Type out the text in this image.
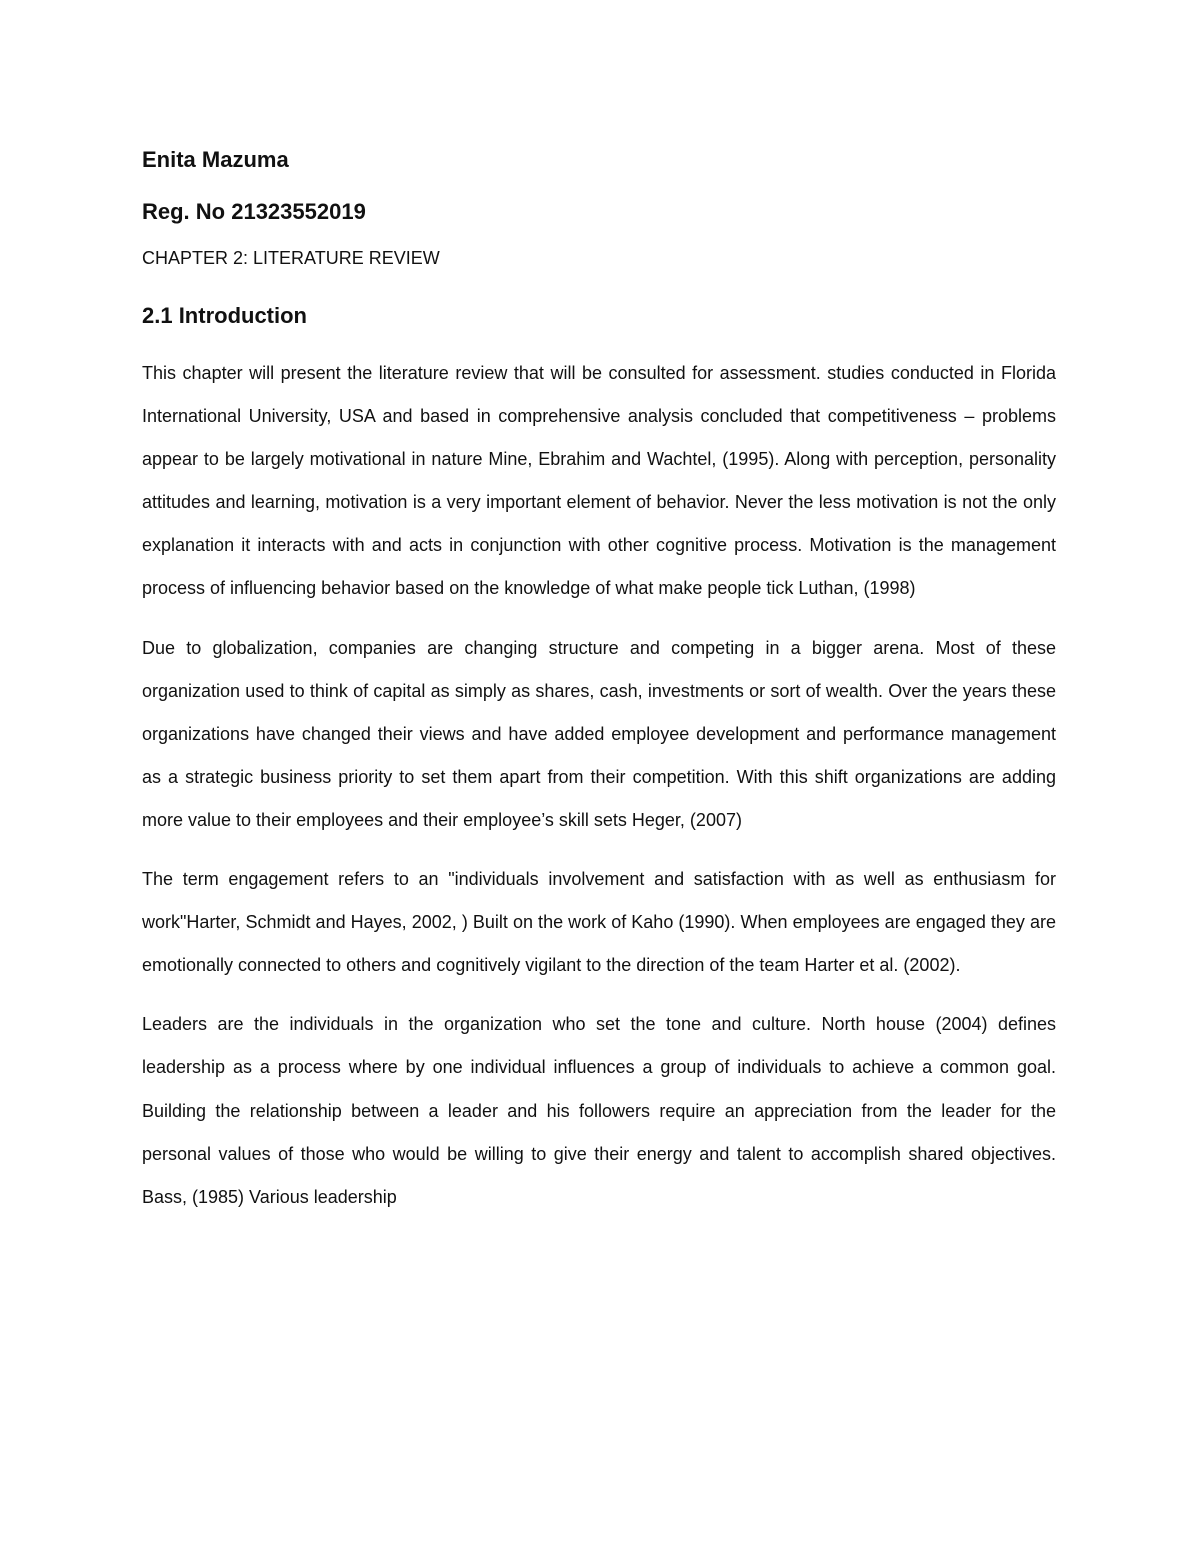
Enita Mazuma

Reg. No 21323552019

CHAPTER 2: LITERATURE REVIEW

2.1 Introduction

This chapter will present the literature review that will be consulted for assessment. studies conducted in Florida International University, USA and based in comprehensive analysis concluded that competitiveness – problems appear to be largely motivational in nature Mine, Ebrahim and Wachtel, (1995). Along with perception, personality attitudes and learning, motivation is a very important element of behavior. Never the less motivation is not the only explanation it interacts with and acts in conjunction with other cognitive process. Motivation is the management process of influencing behavior based on the knowledge of what make people tick Luthan, (1998)

Due to globalization, companies are changing structure and competing in a bigger arena. Most of these organization used to think of capital as simply as shares, cash, investments or sort of wealth. Over the years these organizations have changed their views and have added employee development and performance management as a strategic business priority to set them apart from their competition. With this shift organizations are adding more value to their employees and their employee’s skill sets Heger, (2007)

The term engagement refers to an "individuals involvement and satisfaction with as well as enthusiasm for work"Harter, Schmidt and Hayes, 2002, ) Built on the work of Kaho (1990). When employees are engaged they are emotionally connected to others and cognitively vigilant to the direction of the team Harter et al. (2002).

Leaders are the individuals in the organization who set the tone and culture. North house (2004) defines leadership as a process where by one individual influences a group of individuals to achieve a common goal. Building the relationship between a leader and his followers require an appreciation from the leader for the personal values of those who would be willing to give their energy and talent to accomplish shared objectives. Bass, (1985) Various leadership
